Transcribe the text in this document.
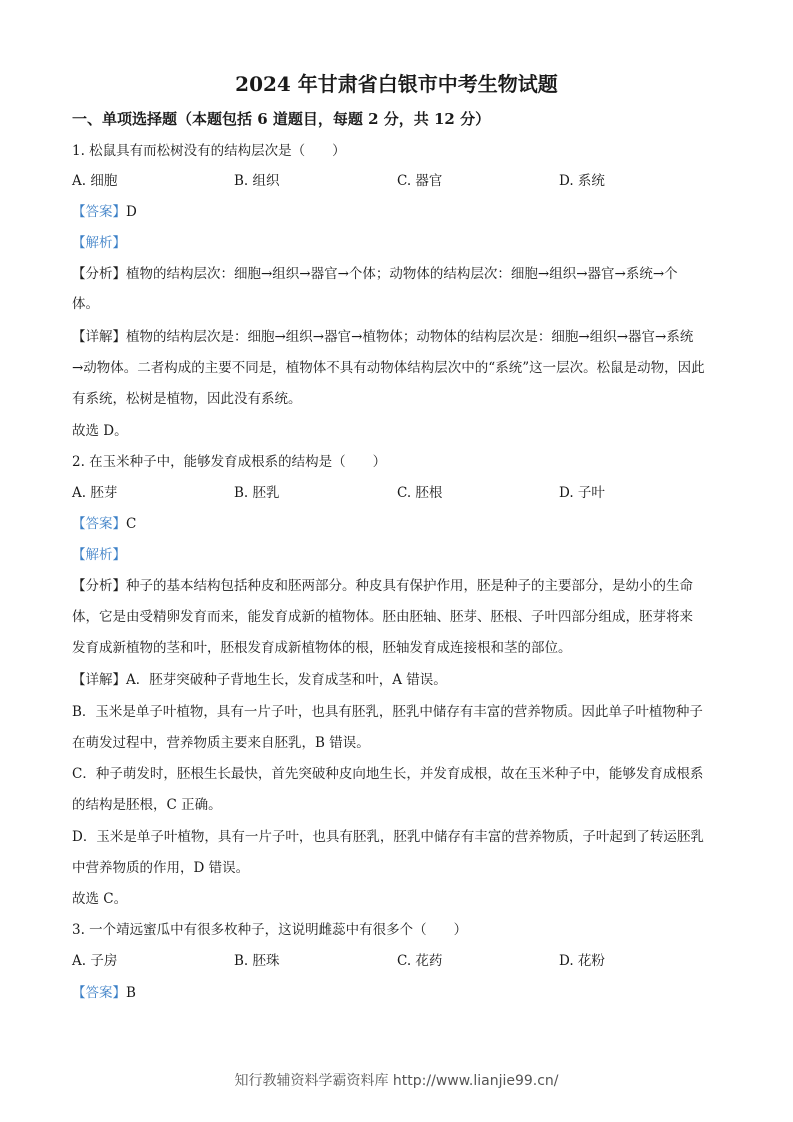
2024 年甘肃省白银市中考生物试题
一、单项选择题（本题包括 6 道题目，每题 2 分，共 12 分）
1. 松鼠具有而松树没有的结构层次是（　　）
A. 细胞	B. 组织	C. 器官	D. 系统
【答案】D
【解析】
【分析】植物的结构层次：细胞→组织→器官→个体；动物体的结构层次：细胞→组织→器官→系统→个
体。
【详解】植物的结构层次是：细胞→组织→器官→植物体；动物体的结构层次是：细胞→组织→器官→系统
→动物体。二者构成的主要不同是，植物体不具有动物体结构层次中的“系统”这一层次。松鼠是动物，因此
有系统，松树是植物，因此没有系统。
故选 D。
2. 在玉米种子中，能够发育成根系的结构是（　　）
A. 胚芽	B. 胚乳	C. 胚根	D. 子叶
【答案】C
【解析】
【分析】种子的基本结构包括种皮和胚两部分。种皮具有保护作用，胚是种子的主要部分，是幼小的生命
体，它是由受精卵发育而来，能发育成新的植物体。胚由胚轴、胚芽、胚根、子叶四部分组成，胚芽将来
发育成新植物的茎和叶，胚根发育成新植物体的根，胚轴发育成连接根和茎的部位。
【详解】A．胚芽突破种子背地生长，发育成茎和叶，A 错误。
B．玉米是单子叶植物，具有一片子叶，也具有胚乳，胚乳中储存有丰富的营养物质。因此单子叶植物种子
在萌发过程中，营养物质主要来自胚乳，B 错误。
C．种子萌发时，胚根生长最快，首先突破种皮向地生长，并发育成根，故在玉米种子中，能够发育成根系
的结构是胚根，C 正确。
D．玉米是单子叶植物，具有一片子叶，也具有胚乳，胚乳中储存有丰富的营养物质，子叶起到了转运胚乳
中营养物质的作用，D 错误。
故选 C。
3. 一个靖远蜜瓜中有很多枚种子，这说明雌蕊中有很多个（　　）
A. 子房	B. 胚珠	C. 花药	D. 花粉
【答案】B
知行教辅资料学霸资料库 http://www.lianjie99.cn/
